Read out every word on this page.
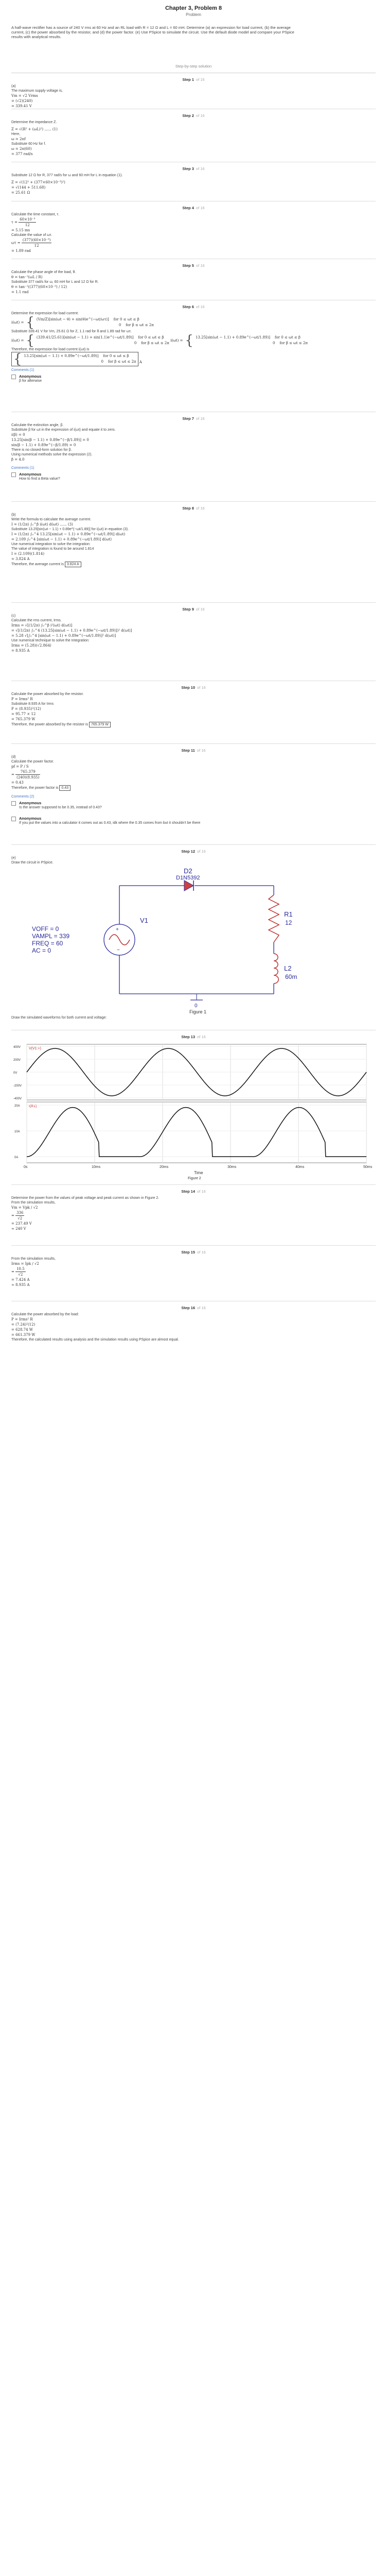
Chapter 3, Problem 8
Problem
A half-wave rectifier has a source of 240 V rms at 60 Hz and an RL load with R = 12 Ω and L = 60 mH. Determine (a) an expression for load current, (b) the average current, (c) the power absorbed by the resistor, and (d) the power factor. (e) Use PSpice to simulate the circuit. Use the default diode model and compare your PSpice results with analytical results.
Step-by-step solution
Step 1 of 16
(a)
The maximum supply voltage is,
Vm = √2 Vrms
= (√2)(240)
= 339.41 V
Step 2 of 16
Determine the impedance Z.
Z = √(R² + (ωL)²) ...... (1)
Here,
ω = 2πf
Substitute 60 Hz for f.
ω = 2π(60)
= 377 rad/s
Step 3 of 16
Substitute 12 Ω for R, 377 rad/s for ω and 60 mH for L in equation (1).
Z = √(12² + (377×60×10⁻³)²)
= √(144 + 511.68)
= 25.61 Ω
Step 4 of 16
Calculate the time constant, τ.
$\tau = \frac{\text{60×10⁻³}}{12}$
= 5.15 ms
Calculate the value of ωτ.
$\omega\tau = \frac{\text{(377)(60×10⁻³)}}{12}$
= 1.89 rad
Step 5 of 16
Calculate the phase angle of the load, θ.
θ = tan⁻¹(ωL / R)
Substitute 377 rad/s for ω, 60 mH for L and 12 Ω for R.
θ = tan⁻¹((377)(60×10⁻³) / 12)
= 1.1 rad
Step 6 of 16
Determine the expression for load current:
i(ωt) = { (Vm/Z)[sin(ωt − θ) + sin(θ)e^(−ωt/ωτ)] for 0 ≤ ωt ≤ β
0    for β ≤ ωt ≤ 2π
Substitute 339.41 V for Vm, 25.61 Ω for Z, 1.1 rad for θ and 1.89 rad for ωτ.
i(ωt) = { (339.41/25.61)[sin(ωt − 1.1) + sin(1.1)e^(−ωt/1.89)] for 0 ≤ ωt ≤ β
0    for β ≤ ωt ≤ 2π
i(ωt) = { 13.25[sin(ωt − 1.1) + 0.89e^(−ωt/1.89)] for 0 ≤ ωt ≤ β
0    for β ≤ ωt ≤ 2π
Therefore, the expression for load current i(ωt) is
{ 13.25[sin(ωt − 1.1) + 0.89e^(−ωt/1.89)] for 0 ≤ ωt ≤ β
0    for β ≤ ωt ≤ 2π A
Comments (1)
Anonymous
β for afterwise
Step 7 of 16
Calculate the extinction angle, β.
Substitute β for ωt in the expression of i(ωt) and equate it to zero.
i(β) = 0
13.25[sin(β − 1.1) + 0.89e^(−β/1.89)] = 0
sin(β − 1.1) + 0.89e^(−β/1.89) = 0
There is no closed-form solution for β.
Using numerical methods solve the expression (2).
β = 4.0
Comments (1)
Anonymous
How to find a Beta value?
Step 8 of 16
(b)
Write the formula to calculate the average current.
I = (1/2π) ∫₀^β i(ωt) d(ωt) ...... (3)
Substitute 13.25[sin(ωt − 1.1) + 0.89e^(−ωt/1.89)] for i(ωt) in equation (3).
I = (1/2π) ∫₀^4 13.25[sin(ωt − 1.1) + 0.89e^(−ωt/1.89)] d(ωt)
= 2.109 ∫₀^4 [sin(ωt − 1.1) + 0.89e^(−ωt/1.89)] d(ωt)
Use numerical integration to solve the integration:
The value of integration is found to be around 1.814
I = (2.109)(1.814)
= 3.824 A
Therefore, the average current is 3.824 A
Step 9 of 16
(c)
Calculate the rms current, Irms.
Irms = √[(1/2π) ∫₀^β i²(ωt) d(ωt)]
= √[(1/2π) ∫₀^4 (13.25[sin(ωt − 1.1) + 0.89e^(−ωt/1.89)])² d(ωt)]
= 5.28 √[∫₀^4 [sin(ωt − 1.1) + 0.89e^(−ωt/1.89)]² d(ωt)]
Use numerical technique to solve the Integration:
Irms = (5.28)(√2.864)
= 8.935 A
Step 10 of 16
Calculate the power absorbed by the resistor.
P = Irms² R
Substitute 8.935 A for Irms
P = (8.935)²(12)
= 95.77 × 12
= 765.379 W
Therefore, the power absorbed by the resistor is 765.379 W
Step 11 of 16
(d)
Calculate the power factor.
pf = P / S
= $\frac{765.379}{(240)(8.935)}$
= 0.43
Therefore, the power factor is 0.43
Comments (2)
Anonymous
Is the answer supposed to be 0.35, instead of 0.43?
Anonymous
If you put the values into a calculator it comes out as 0.43, idk where the 0.35 comes from but it shouldn't be there
Step 12 of 16
(e)
Draw the circuit in PSpice.
D2
D1N5392
+
−
V1
VOFF = 0
VAMPL = 339
FREQ = 60
AC = 0
R1
12
L2
60m
0
Figure 1
Draw the simulated waveforms for both current and voltage:
Step 13 of 16
V(V1:+)
I(R1)
0s	10ms	20ms	30ms	40ms	50ms
400V
200V
0V
-200V
-400V
20A
10A
0A
Time
Figure 2
Step 14 of 16
Determine the power from the values of peak voltage and peak current as shown in Figure 2.
From the simulation results,
Vm = Vpk / √2
= $\frac{336}{√2}$
= 237.49 V
≈ 240 V
Step 15 of 16
From the simulation results,
Irms = Ipk / √2
= $\frac{10.5}{√2}$
= 7.424 A
≈ 8.935 A
Step 16 of 16
Calculate the power absorbed by the load:
P = Irms² R
= (7.24)²(12)
= 628.74 W
= 661.379 W
Therefore, the calculated results using analysis and the simulation results using PSpice are almost equal.
